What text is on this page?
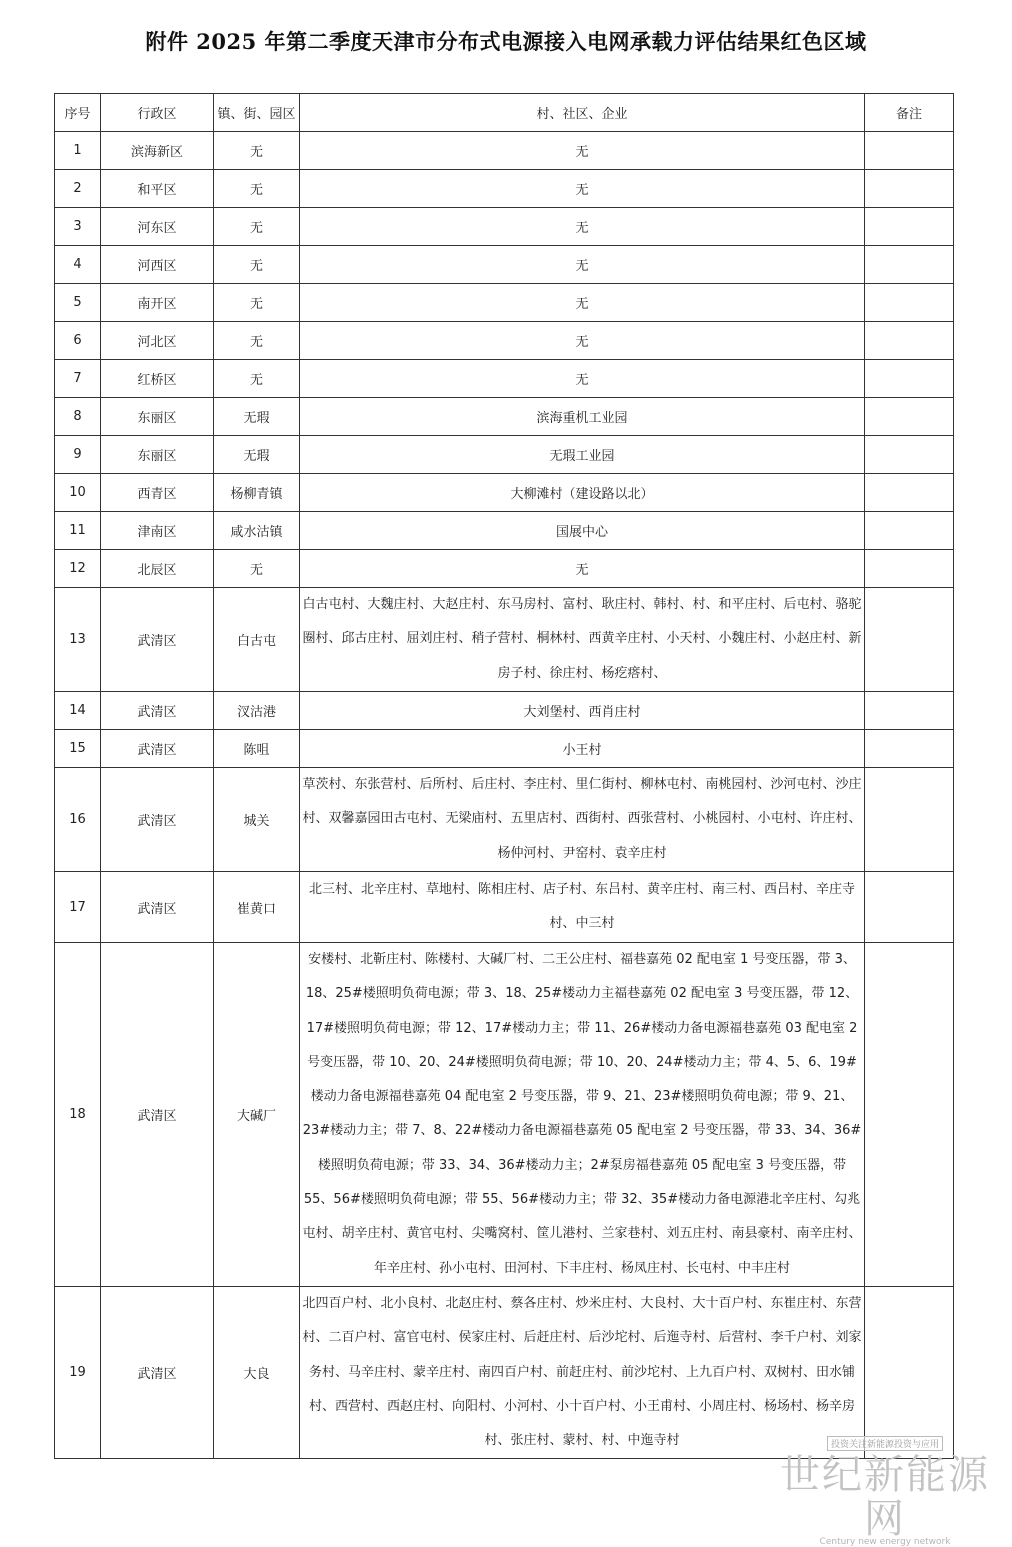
附件 2025 年第二季度天津市分布式电源接入电网承载力评估结果红色区域
序号	行政区	镇、街、园区	村、社区、企业	备注
1	滨海新区	无	无	
2	和平区	无	无	
3	河东区	无	无	
4	河西区	无	无	
5	南开区	无	无	
6	河北区	无	无	
7	红桥区	无	无	
8	东丽区	无瑕	滨海重机工业园	
9	东丽区	无瑕	无瑕工业园	
10	西青区	杨柳青镇	大柳滩村（建设路以北）	
11	津南区	咸水沽镇	国展中心	
12	北辰区	无	无	
13	武清区	白古屯	白古屯村、大魏庄村、大赵庄村、东马房村、富村、耿庄村、韩村、村、和平庄村、后屯村、骆驼圈村、邱古庄村、屈刘庄村、稍子营村、桐林村、西黄辛庄村、小天村、小魏庄村、小赵庄村、新房子村、徐庄村、杨疙瘩村、	
14	武清区	汊沽港	大刘堡村、西肖庄村	
15	武清区	陈咀	小王村	
16	武清区	城关	草茨村、东张营村、后所村、后庄村、李庄村、里仁街村、柳林屯村、南桃园村、沙河屯村、沙庄村、双馨嘉园田古屯村、无梁庙村、五里店村、西街村、西张营村、小桃园村、小屯村、许庄村、杨仲河村、尹窑村、袁辛庄村	
17	武清区	崔黄口	北三村、北辛庄村、草地村、陈相庄村、店子村、东吕村、黄辛庄村、南三村、西吕村、辛庄寺村、中三村	
18	武清区	大碱厂	安楼村、北靳庄村、陈楼村、大碱厂村、二王公庄村、福巷嘉苑 02 配电室 1 号变压器，带 3、18、25#楼照明负荷电源；带 3、18、25#楼动力主福巷嘉苑 02 配电室 3 号变压器，带 12、17#楼照明负荷电源；带 12、17#楼动力主；带 11、26#楼动力备电源福巷嘉苑 03 配电室 2 号变压器，带 10、20、24#楼照明负荷电源；带 10、20、24#楼动力主；带 4、5、6、19#楼动力备电源福巷嘉苑 04 配电室 2 号变压器，带 9、21、23#楼照明负荷电源；带 9、21、23#楼动力主；带 7、8、22#楼动力备电源福巷嘉苑 05 配电室 2 号变压器，带 33、34、36#楼照明负荷电源；带 33、34、36#楼动力主；2#泵房福巷嘉苑 05 配电室 3 号变压器，带 55、56#楼照明负荷电源；带 55、56#楼动力主；带 32、35#楼动力备电源港北辛庄村、勾兆屯村、胡辛庄村、黄官屯村、尖嘴窝村、筐儿港村、兰家巷村、刘五庄村、南县豪村、南辛庄村、年辛庄村、孙小屯村、田河村、下丰庄村、杨凤庄村、长屯村、中丰庄村	
19	武清区	大良	北四百户村、北小良村、北赵庄村、蔡各庄村、炒米庄村、大良村、大十百户村、东崔庄村、东营村、二百户村、富官屯村、侯家庄村、后赶庄村、后沙坨村、后迤寺村、后营村、李千户村、刘家务村、马辛庄村、蒙辛庄村、南四百户村、前赶庄村、前沙坨村、上九百户村、双树村、田水铺村、西营村、西赵庄村、向阳村、小河村、小十百户村、小王甫村、小周庄村、杨场村、杨辛房村、张庄村、蒙村、村、中迤寺村		投资关注新能源投资与应用
世纪新能源网
Century new energy network
